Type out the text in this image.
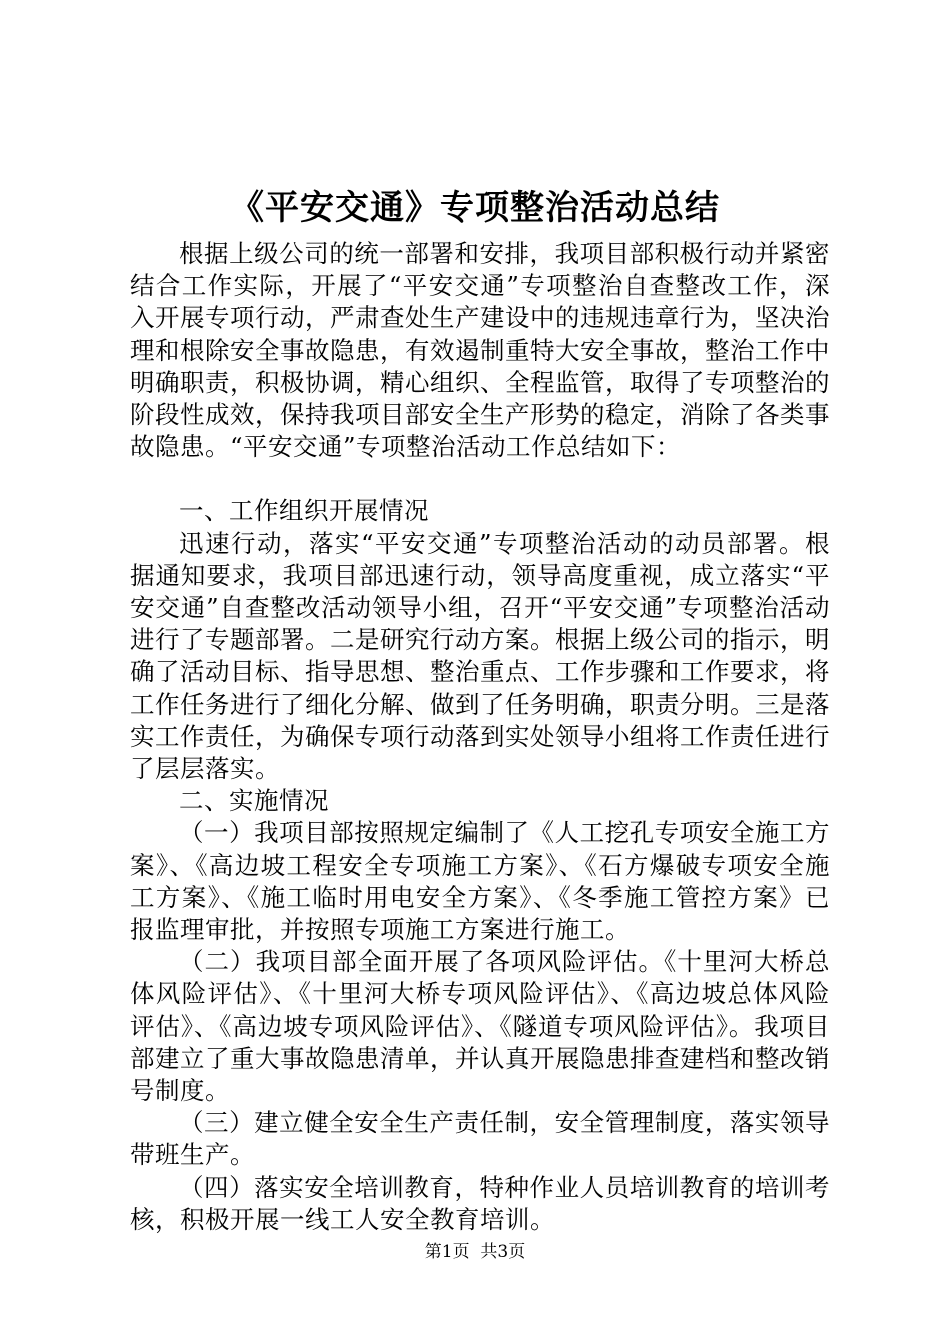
《平安交通》专项整治活动总结

根据上级公司的统一部署和安排，我项目部积极行动并紧密结合工作实际，开展了“平安交通”专项整治自查整改工作，深入开展专项行动，严肃查处生产建设中的违规违章行为，坚决治理和根除安全事故隐患，有效遏制重特大安全事故，整治工作中明确职责，积极协调，精心组织、全程监管，取得了专项整治的阶段性成效，保持我项目部安全生产形势的稳定，消除了各类事故隐患。“平安交通”专项整治活动工作总结如下：

一、工作组织开展情况

迅速行动，落实“平安交通”专项整治活动的动员部署。根据通知要求，我项目部迅速行动，领导高度重视，成立落实“平安交通”自查整改活动领导小组，召开“平安交通”专项整治活动进行了专题部署。二是研究行动方案。根据上级公司的指示，明确了活动目标、指导思想、整治重点、工作步骤和工作要求，将工作任务进行了细化分解、做到了任务明确，职责分明。三是落实工作责任，为确保专项行动落到实处领导小组将工作责任进行了层层落实。

二、实施情况

（一）我项目部按照规定编制了《人工挖孔专项安全施工方案》、《高边坡工程安全专项施工方案》、《石方爆破专项安全施工方案》、《施工临时用电安全方案》、《冬季施工管控方案》已报监理审批，并按照专项施工方案进行施工。

（二）我项目部全面开展了各项风险评估。《十里河大桥总体风险评估》、《十里河大桥专项风险评估》、《高边坡总体风险评估》、《高边坡专项风险评估》、《隧道专项风险评估》。我项目部建立了重大事故隐患清单，并认真开展隐患排查建档和整改销号制度。

（三）建立健全安全生产责任制，安全管理制度，落实领导带班生产。

（四）落实安全培训教育，特种作业人员培训教育的培训考核，积极开展一线工人安全教育培训。

第1页 共3页
